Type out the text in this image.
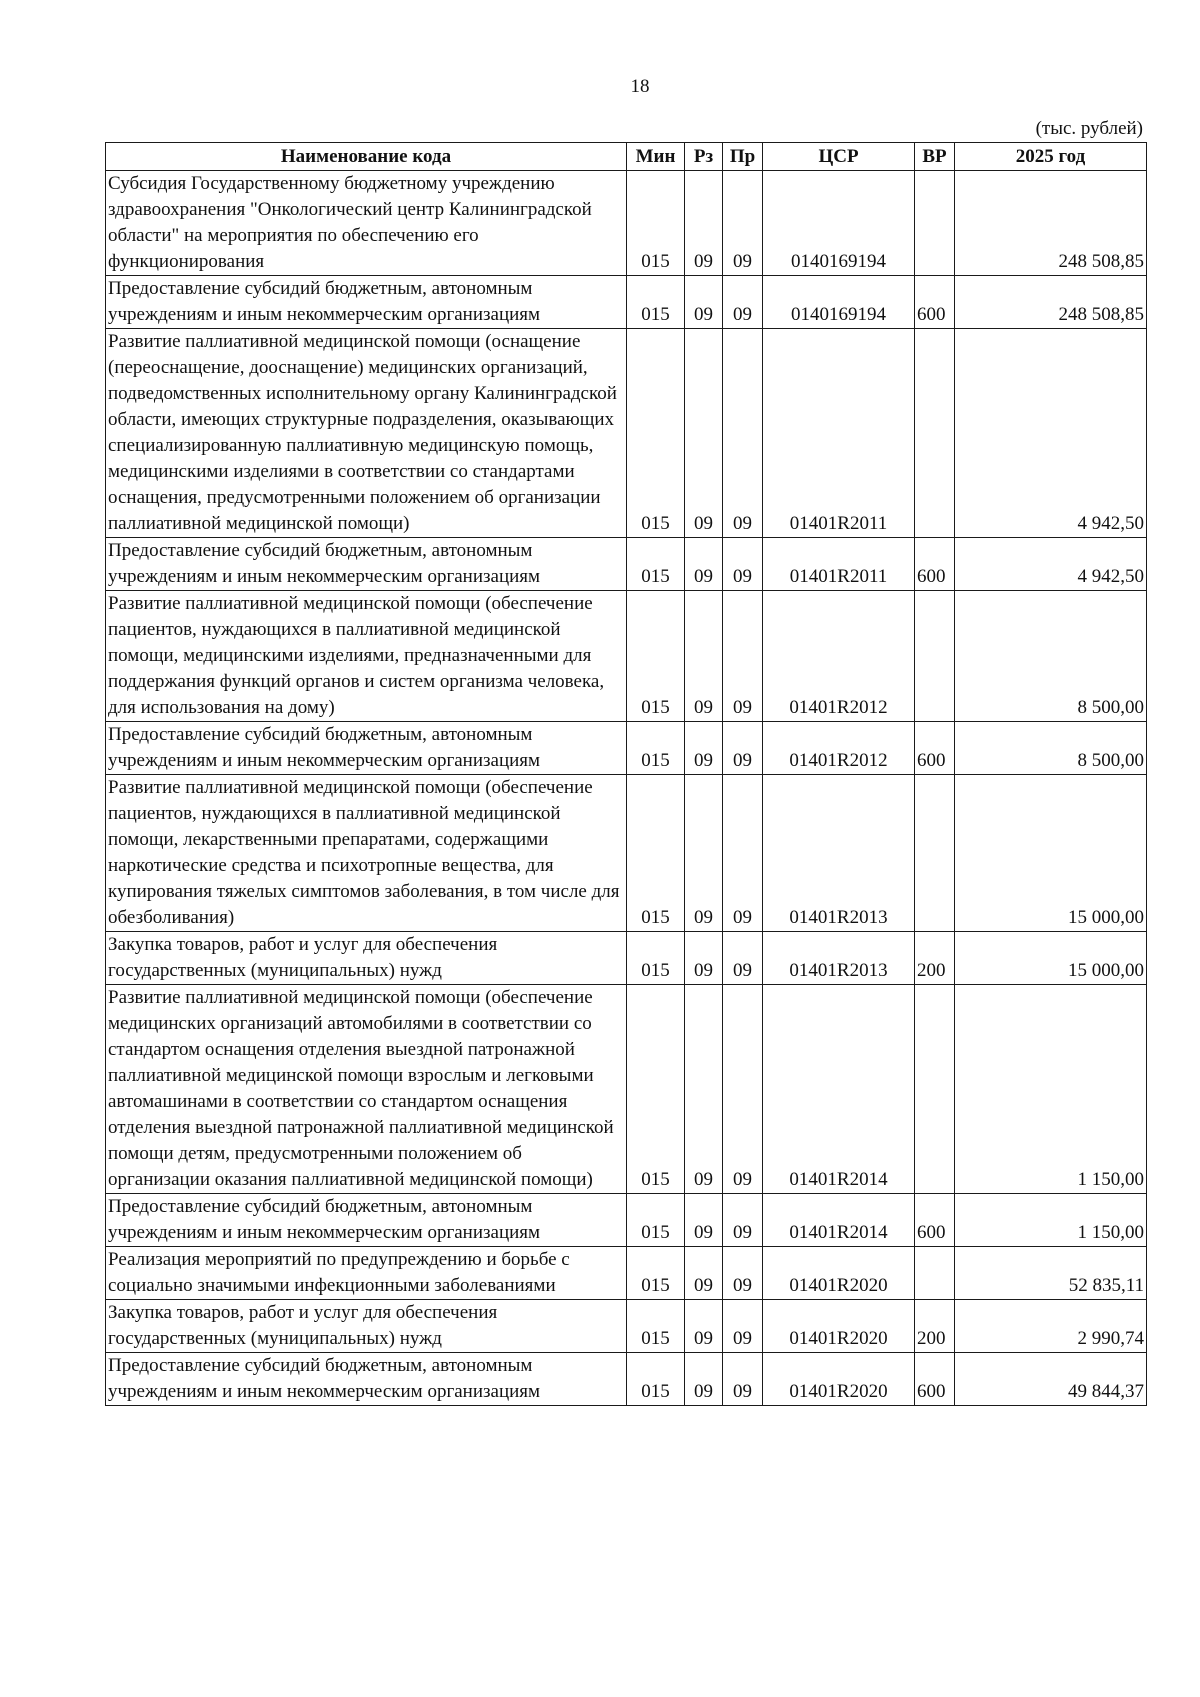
18
(тыс. рублей)
Наименование кода	Мин	Рз	Пр	ЦСР	ВР	2025 год
Субсидия Государственному бюджетному учреждению здравоохранения "Онкологический центр Калининградской области" на мероприятия по обеспечению его функционирования	015	09	09	0140169194		248 508,85
Предоставление субсидий бюджетным, автономным учреждениям и иным некоммерческим организациям	015	09	09	0140169194	600	248 508,85
Развитие паллиативной медицинской помощи (оснащение (переоснащение, дооснащение) медицинских организаций, подведомственных исполнительному органу Калининградской области, имеющих структурные подразделения, оказывающих специализированную паллиативную медицинскую помощь, медицинскими изделиями в соответствии со стандартами оснащения, предусмотренными положением об организации паллиативной медицинской помощи)	015	09	09	01401R2011		4 942,50
Предоставление субсидий бюджетным, автономным учреждениям и иным некоммерческим организациям	015	09	09	01401R2011	600	4 942,50
Развитие паллиативной медицинской помощи (обеспечение пациентов, нуждающихся в паллиативной медицинской помощи, медицинскими изделиями, предназначенными для поддержания функций органов и систем организма человека, для использования на дому)	015	09	09	01401R2012		8 500,00
Предоставление субсидий бюджетным, автономным учреждениям и иным некоммерческим организациям	015	09	09	01401R2012	600	8 500,00
Развитие паллиативной медицинской помощи (обеспечение пациентов, нуждающихся в паллиативной медицинской помощи, лекарственными препаратами, содержащими наркотические средства и психотропные вещества, для купирования тяжелых симптомов заболевания, в том числе для обезболивания)	015	09	09	01401R2013		15 000,00
Закупка товаров, работ и услуг для обеспечения государственных (муниципальных) нужд	015	09	09	01401R2013	200	15 000,00
Развитие паллиативной медицинской помощи (обеспечение медицинских организаций автомобилями в соответствии со стандартом оснащения отделения выездной патронажной паллиативной медицинской помощи взрослым и легковыми автомашинами в соответствии со стандартом оснащения отделения выездной патронажной паллиативной медицинской помощи детям, предусмотренными положением об организации оказания паллиативной медицинской помощи)	015	09	09	01401R2014		1 150,00
Предоставление субсидий бюджетным, автономным учреждениям и иным некоммерческим организациям	015	09	09	01401R2014	600	1 150,00
Реализация мероприятий по предупреждению и борьбе с социально значимыми инфекционными заболеваниями	015	09	09	01401R2020		52 835,11
Закупка товаров, работ и услуг для обеспечения государственных (муниципальных) нужд	015	09	09	01401R2020	200	2 990,74
Предоставление субсидий бюджетным, автономным учреждениям и иным некоммерческим организациям	015	09	09	01401R2020	600	49 844,37
